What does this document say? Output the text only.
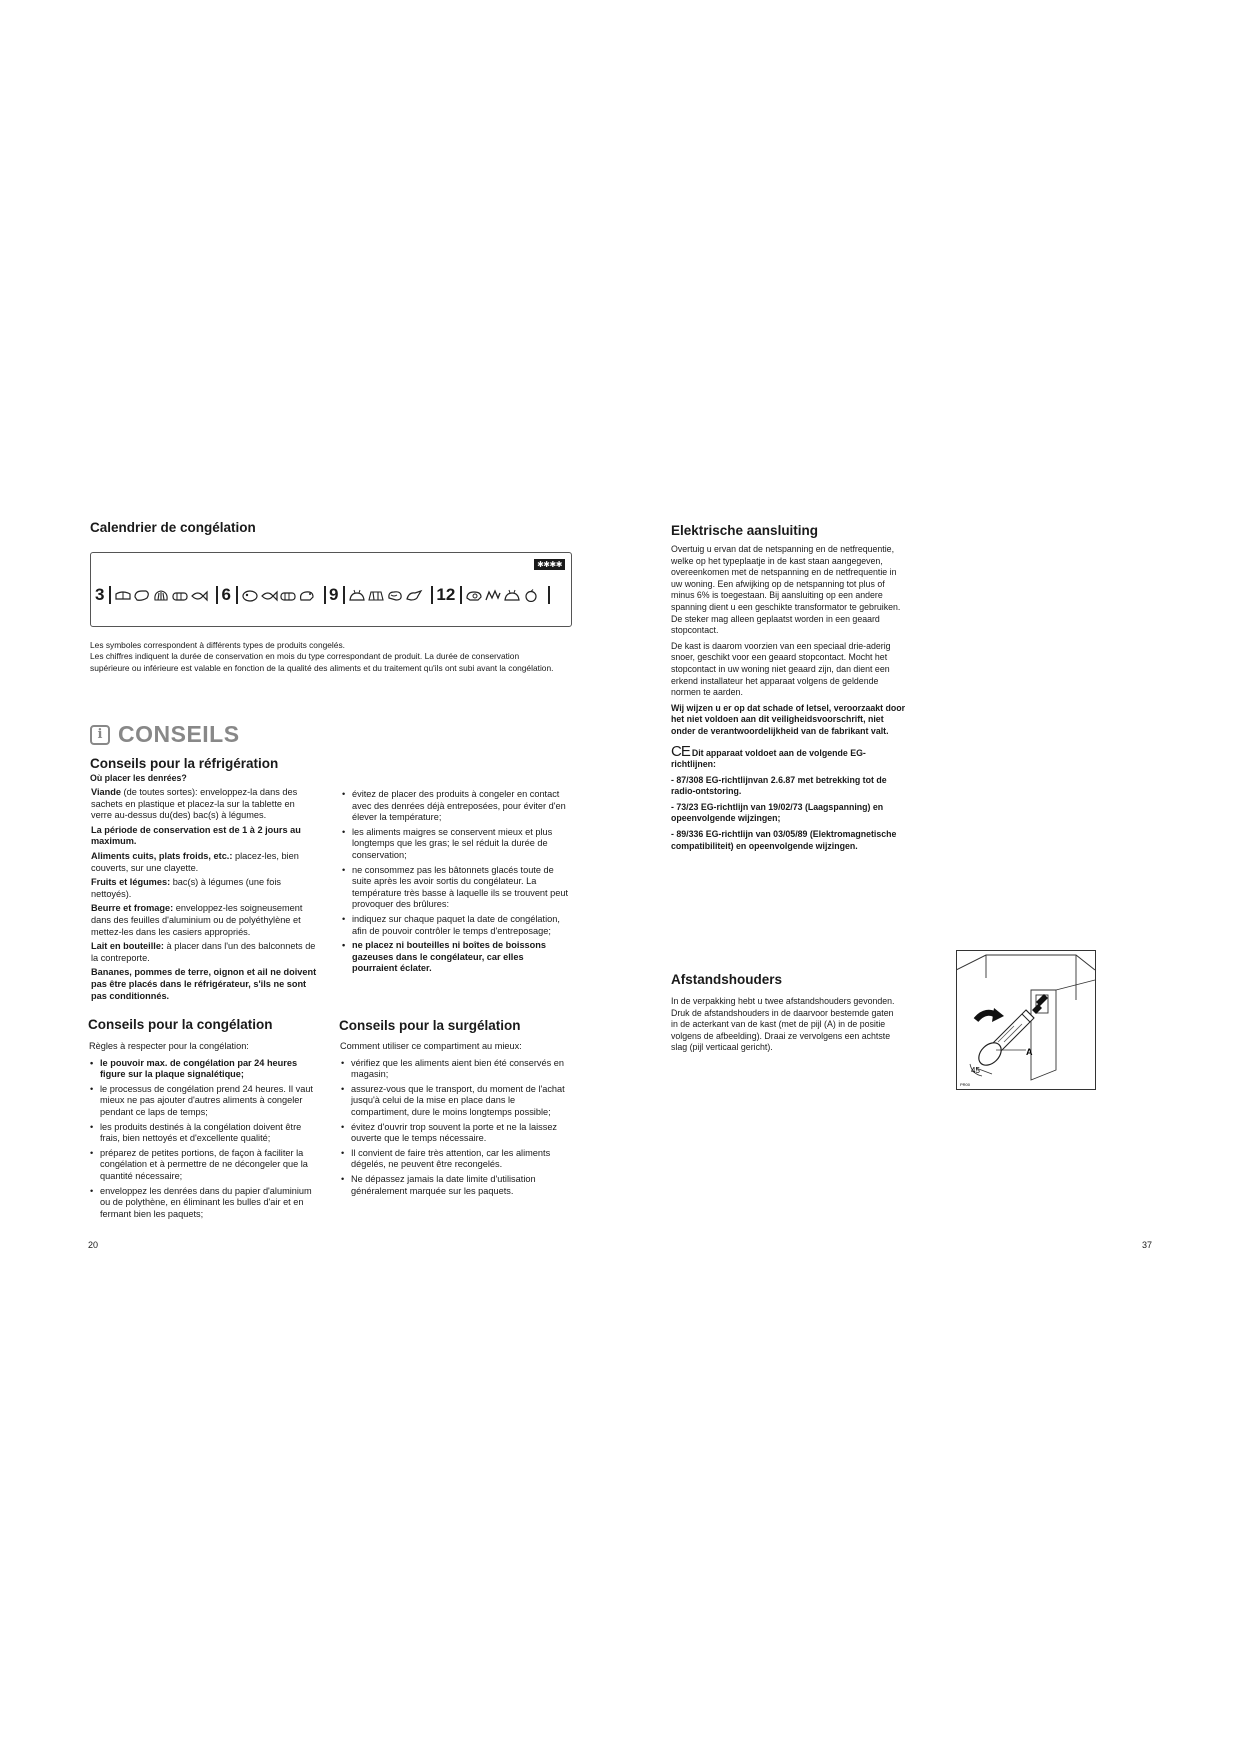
Calendrier de congélation
✱✱✱✱
3	6	9	12
Les symboles correspondent à différents types de produits congelés.
Les chiffres indiquent la durée de conservation en mois du type correspondant de produit. La durée de conservation supérieure ou inférieure est valable en fonction de la qualité des aliments et du traitement qu'ils ont subi avant la congélation.
i CONSEILS
Conseils pour la réfrigération
Où placer les denrées?

Viande (de toutes sortes): enveloppez-la dans des sachets en plastique et placez-la sur la tablette en verre au-dessus du(des) bac(s) à légumes.

La période de conservation est de 1 à 2 jours au maximum.

Aliments cuits, plats froids, etc.: placez-les, bien couverts, sur une clayette.

Fruits et légumes: bac(s) à légumes (une fois nettoyés).

Beurre et fromage: enveloppez-les soigneusement dans des feuilles d'aluminium ou de polyéthylène et mettez-les dans les casiers appropriés.

Lait en bouteille: à placer dans l'un des balconnets de la contreporte.

Bananes, pommes de terre, oignon et ail ne doivent pas être placés dans le réfrigérateur, s'ils ne sont pas conditionnés.

• évitez de placer des produits à congeler en contact avec des denrées déjà entreposées, pour éviter d'en élever la température;
• les aliments maigres se conservent mieux et plus longtemps que les gras; le sel réduit la durée de conservation;
• ne consommez pas les bâtonnets glacés toute de suite après les avoir sortis du congélateur. La température très basse à laquelle ils se trouvent peut provoquer des brûlures:
• indiquez sur chaque paquet la date de congélation, afin de pouvoir contrôler le temps d'entreposage;
• ne placez ni bouteilles ni boîtes de boissons gazeuses dans le congélateur, car elles pourraient éclater.
Conseils pour la congélation

Règles à respecter pour la congélation:

• le pouvoir max. de congélation par 24 heures figure sur la plaque signalétique;
• le processus de congélation prend 24 heures. Il vaut mieux ne pas ajouter d'autres aliments à congeler pendant ce laps de temps;
• les produits destinés à la congélation doivent être frais, bien nettoyés et d'excellente qualité;
• préparez de petites portions, de façon à faciliter la congélation et à permettre de ne décongeler que la quantité nécessaire;
• enveloppez les denrées dans du papier d'aluminium ou de polythène, en éliminant les bulles d'air et en fermant bien les paquets;
Conseils pour la surgélation

Comment utiliser ce compartiment au mieux:

• vérifiez que les aliments aient bien été conservés en magasin;
• assurez-vous que le transport, du moment de l'achat jusqu'à celui de la mise en place dans le compartiment, dure le moins longtemps possible;
• évitez d'ouvrir trop souvent la porte et ne la laissez ouverte que le temps nécessaire.
• Il convient de faire très attention, car les aliments dégelés, ne peuvent être recongelés.
• Ne dépassez jamais la date limite d'utilisation généralement marquée sur les paquets.
20
Elektrische aansluiting

Overtuig u ervan dat de netspanning en de netfrequentie, welke op het typeplaatje in de kast staan aangegeven, overeenkomen met de netspanning en de netfrequentie in uw woning. Een afwijking op de netspanning tot plus of minus 6% is toegestaan. Bij aansluiting op een andere spanning dient u een geschikte transformator te gebruiken. De steker mag alleen geplaatst worden in een geaard stopcontact.

De kast is daarom voorzien van een speciaal drie-aderig snoer, geschikt voor een geaard stopcontact. Mocht het stopcontact in uw woning niet geaard zijn, dan dient een erkend installateur het apparaat volgens de geldende normen te aarden.

Wij wijzen u er op dat schade of letsel, veroorzaakt door het niet voldoen aan dit veiligheidsvoorschrift, niet onder de verantwoordelijkheid van de fabrikant valt.

CE Dit apparaat voldoet aan de volgende EG-richtlijnen:

- 87/308 EG-richtlijnvan 2.6.87 met betrekking tot de radio-ontstoring.

- 73/23 EG-richtlijn van 19/02/73 (Laagspanning) en opeenvolgende wijzingen;

- 89/336 EG-richtlijn van 03/05/89 (Elektromagnetische compatibiliteit) en opeenvolgende wijzingen.

Afstandshouders
In de verpakking hebt u twee afstandshouders gevonden. Druk de afstandshouders in de daarvoor bestemde gaten in de acterkant van de kast (met de pijl (A) in de positie volgens de afbeelding). Draai ze vervolgens een achtste slag (pijl verticaal gericht).	A
45
PR00
37
